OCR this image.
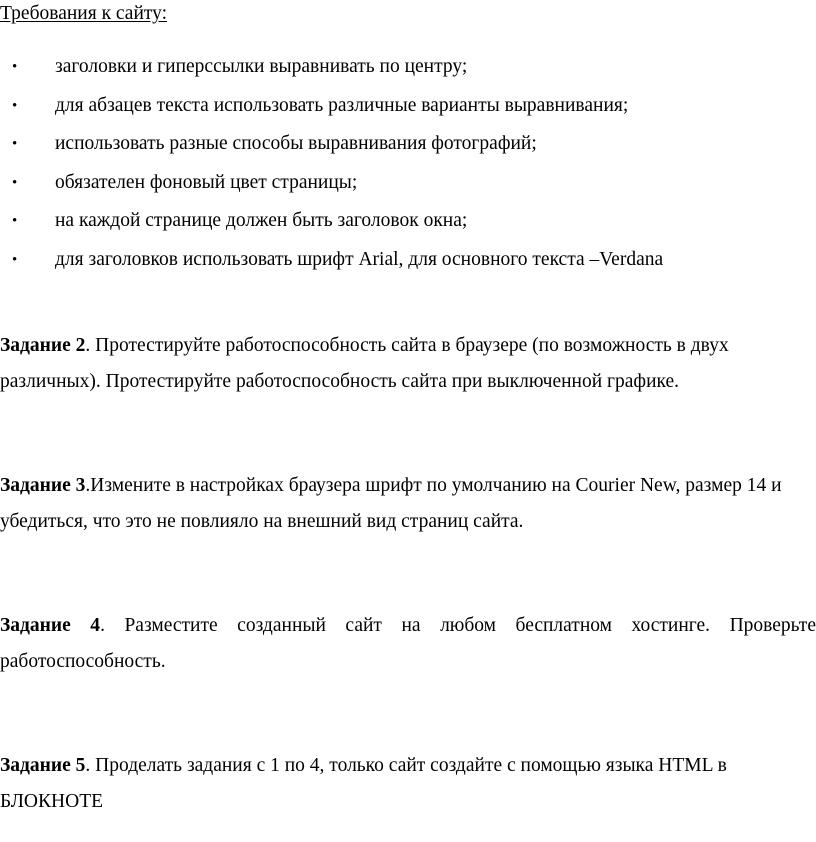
Требования к сайту:
• заголовки и гиперссылки выравнивать по центру;
• для абзацев текста использовать различные варианты выравнивания;
• использовать разные способы выравнивания фотографий;
• обязателен фоновый цвет страницы;
• на каждой странице должен быть заголовок окна;
• для заголовков использовать шрифт Arial, для основного текста –Verdana

Задание 2. Протестируйте работоспособность сайта в браузере (по возможность в двух различных). Протестируйте работоспособность сайта при выключенной графике.

Задание 3.Измените в настройках браузера шрифт по умолчанию на Courier New, размер 14 и убедиться, что это не повлияло на внешний вид страниц сайта.

Задание 4. Разместите созданный сайт на любом бесплатном хостинге. Проверьте работоспособность.

Задание 5. Проделать задания с 1 по 4, только сайт создайте с помощью языка HTML в БЛОКНОТЕ
